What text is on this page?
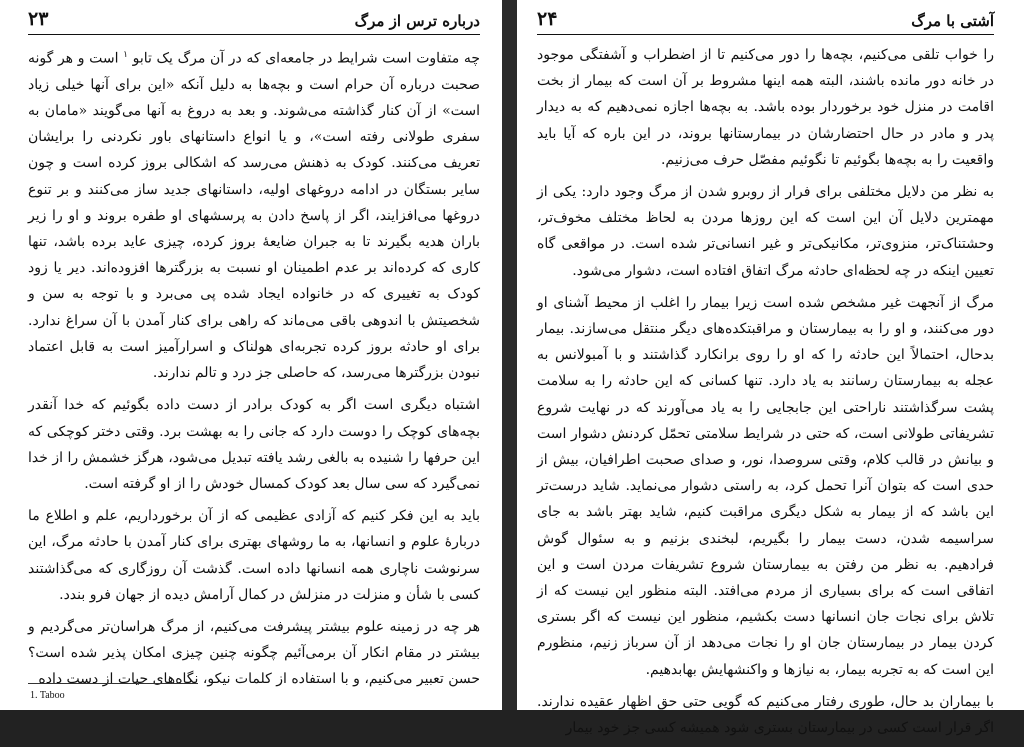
درباره ترس از مرگ
۲۳

چه متفاوت است شرایط در جامعه‌ای که در آن مرگ یک تابو $^۱$ است و هر گونه صحبت درباره آن حرام است و بچه‌ها به دلیل آنکه «این برای آنها خیلی زیاد است» از آن کنار گذاشته می‌شوند. و بعد به دروغ به آنها می‌گویند «مامان به سفری طولانی رفته است»، و یا انواع داستانهای باور نکردنی را برایشان تعریف می‌کنند. کودک به ذهنش می‌رسد که اشکالی بروز کرده است و چون سایر بستگان در ادامه دروغهای اولیه، داستانهای جدید ساز می‌کنند و بر تنوع دروغها می‌افزایند، اگر از پاسخ دادن به پرسشهای او طفره بروند و او را زیر باران هدیه بگیرند تا به جبران ضایعهٔ بروز کرده، چیزی عاید برده باشد، تنها کاری که کرده‌اند بر عدم اطمینان او نسبت به بزرگترها افزوده‌اند. دیر یا زود کودک به تغییری که در خانواده ایجاد شده پی می‌برد و با توجه به سن و شخصیتش با اندوهی باقی می‌ماند که راهی برای کنار آمدن با آن سراغ ندارد. برای او حادثه بروز کرده تجربه‌ای هولناک و اسرارآمیز است به قابل اعتماد نبودن بزرگترها می‌رسد، که حاصلی جز درد و تالم ندارند.

اشتباه دیگری است اگر به کودک برادر از دست داده بگوئیم که خدا آنقدر بچه‌های کوچک را دوست دارد که جانی را به بهشت برد. وقتی دختر کوچکی که این حرفها را شنیده به بالغی رشد یافته تبدیل می‌شود، هرگز خشمش را از خدا نمی‌گیرد که سی سال بعد کودک کمسال خودش را از او گرفته است.

باید به این فکر کنیم که آزادی عظیمی که از آن برخورداریم، علم و اطلاع ما دربارهٔ علوم و انسانها، به ما روشهای بهتری برای کنار آمدن با حادثه مرگ، این سرنوشت ناچاری همه انسانها داده است. گذشت آن روزگاری که می‌گذاشتند کسی با شأن و منزلت در منزلش در کمال آرامش دیده از جهان فرو بندد.

هر چه در زمینه علوم بیشتر پیشرفت می‌کنیم، از مرگ هراسان‌تر می‌گردیم و بیشتر در مقام انکار آن برمی‌آئیم چگونه چنین چیزی امکان پذیر شده است؟ حسن تعبیر می‌کنیم، و با استفاده از کلمات نیکو، نگاه‌های حیات از دست داده

1. Taboo
آشتی با مرگ
۲۴

را خواب تلقی می‌کنیم، بچه‌ها را دور می‌کنیم تا از اضطراب و آشفتگی موجود در خانه دور مانده باشند، البته همه اینها مشروط بر آن است که بیمار از بخت اقامت در منزل خود برخوردار بوده باشد. به بچه‌ها اجازه نمی‌دهیم که به دیدار پدر و مادر در حال احتضارشان در بیمارستانها بروند، در این باره که آیا باید واقعیت را به بچه‌ها بگوئیم تا نگوئیم مفصّل حرف می‌زنیم.

به نظر من دلایل مختلفی برای فرار از روبرو شدن از مرگ وجود دارد: یکی از مهمترین دلایل آن این است که این روزها مردن به لحاظ مختلف مخوف‌تر، وحشتناک‌تر، منزوی‌تر، مکانیکی‌تر و غیر انسانی‌تر شده است. در مواقعی گاه تعیین اینکه در چه لحظه‌ای حادثه مرگ اتفاق افتاده است، دشوار می‌شود.

مرگ از آنجهت غیر مشخص شده است زیرا بیمار را اغلب از محیط آشنای او دور می‌کنند، و او را به بیمارستان و مراقبتکده‌های دیگر منتقل می‌سازند. بیمار بدحال، احتمالاً این حادثه را که او را روی برانکارد گذاشتند و با آمبولانس به عجله به بیمارستان رسانند به یاد دارد. تنها کسانی که این حادثه را به سلامت پشت سرگذاشتند ناراحتی این جابجایی را به یاد می‌آورند که در نهایت شروع تشریفاتی طولانی است، که حتی در شرایط سلامتی تحمّل کردنش دشوار است و بیانش در قالب کلام، وقتی سروصدا، نور، و صدای صحبت اطرافیان، بیش از حدی است که بتوان آنرا تحمل کرد، به راستی دشوار می‌نماید. شاید درست‌تر این باشد که از بیمار به شکل دیگری مراقبت کنیم، شاید بهتر باشد به جای سراسیمه شدن، دست بیمار را بگیریم، لبخندی بزنیم و به سئوال گوش فرادهیم. به نظر من رفتن به بیمارستان شروع تشریفات مردن است و این اتفاقی است که برای بسیاری از مردم می‌افتد. البته منظور این نیست که از تلاش برای نجات جان انسانها دست بکشیم، منظور این نیست که اگر بستری کردن بیمار در بیمارستان جان او را نجات می‌دهد از آن سرباز زنیم، منظورم این است که به تجربه بیمار، به نیازها و واکنشهایش بهابدهیم.

با بیماران بد حال، طوری رفتار می‌کنیم که گویی حتی حق اظهار عقیده ندارند. اگر قرار است کسی در بیمارستان بستری شود همیشه کسی جز خود بیمار
